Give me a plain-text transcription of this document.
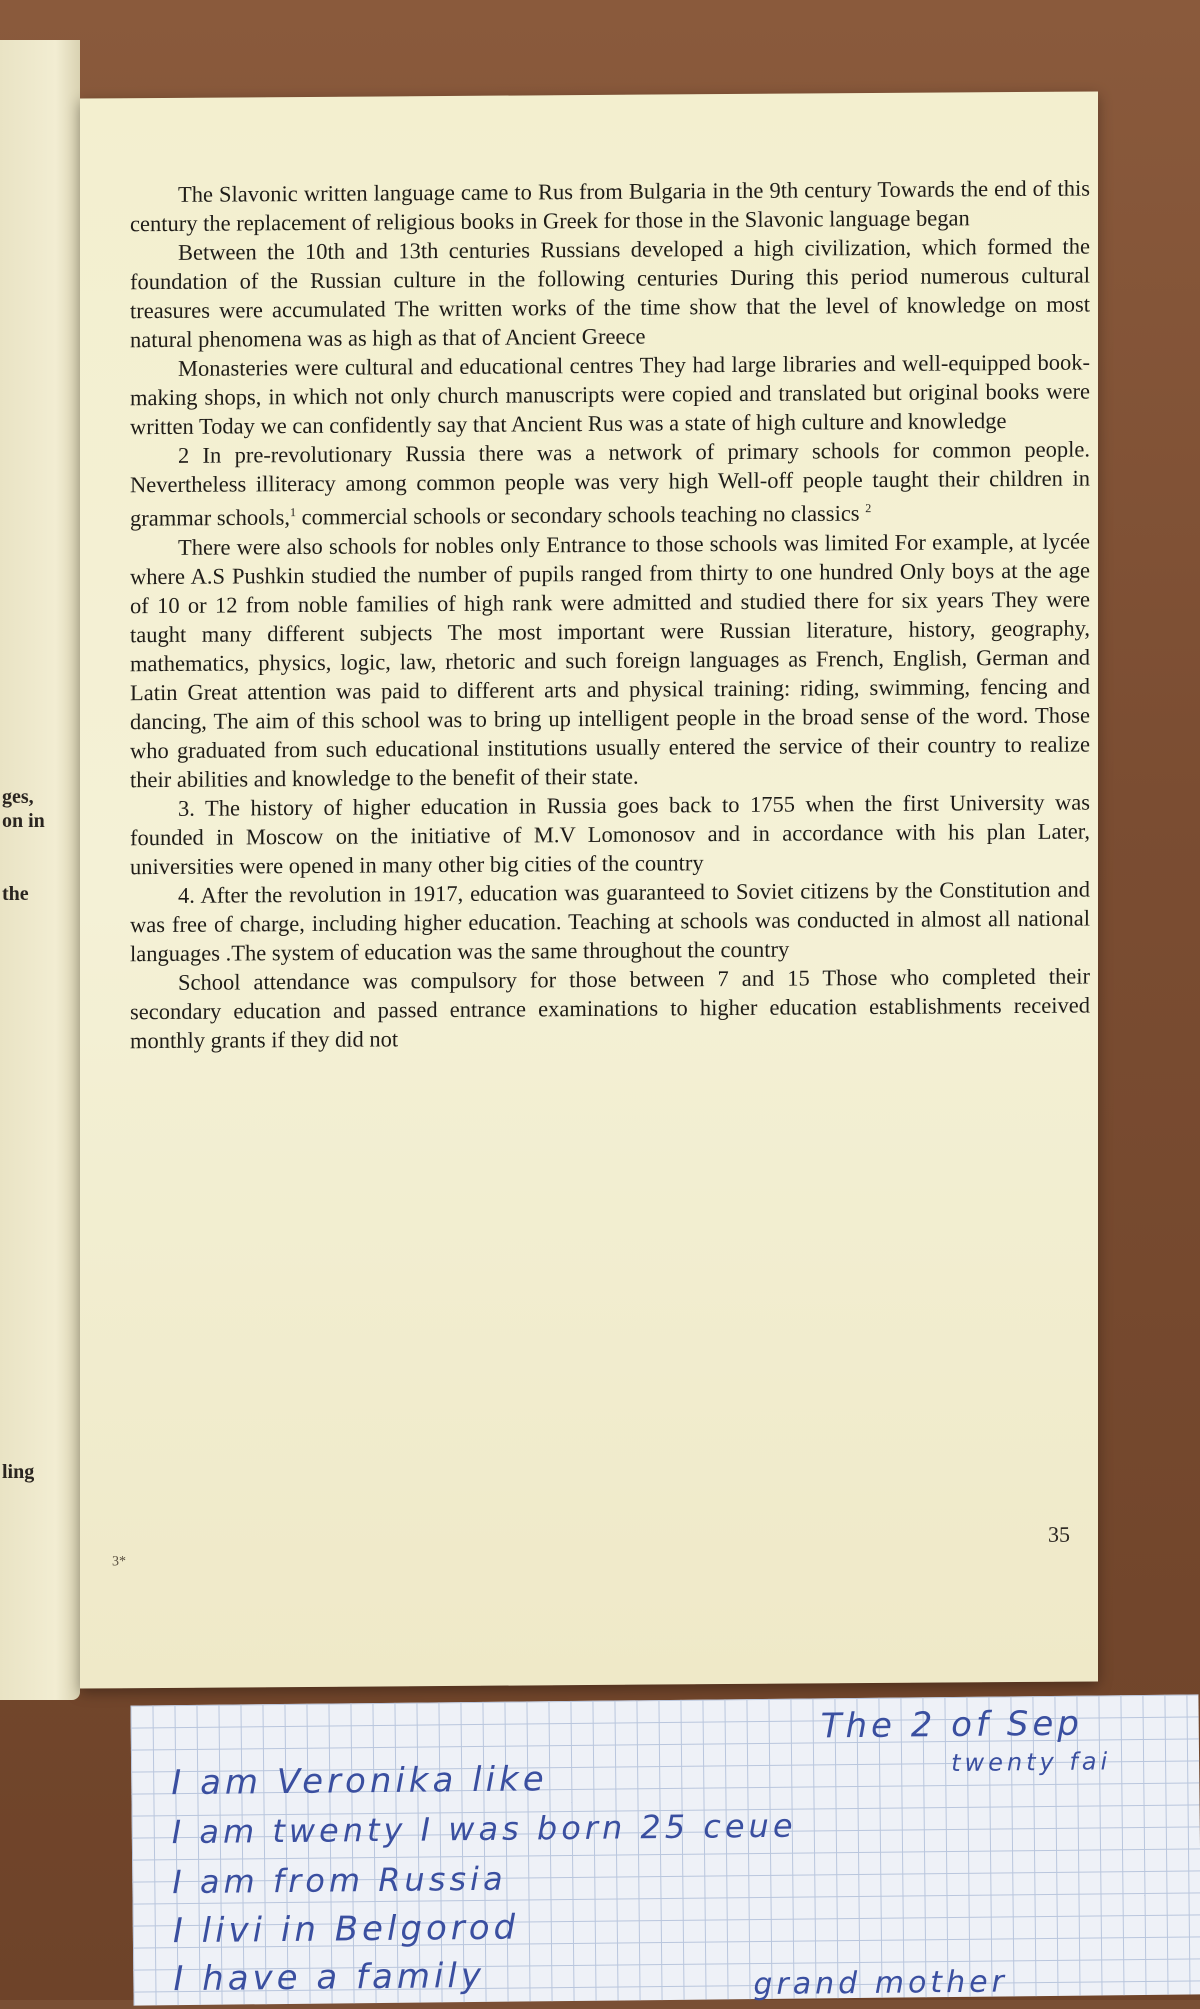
ges,
on in
the
ling

The Slavonic written language came to Rus from Bulgaria in the 9th century Towards the end of this century the replacement of religious books in Greek for those in the Slavonic language began

Between the 10th and 13th centuries Russians developed a high civilization, which formed the foundation of the Russian culture in the following centuries During this period numerous cultural treasures were accumulated The written works of the time show that the level of knowledge on most natural phenomena was as high as that of Ancient Greece

Monasteries were cultural and educational centres They had large libraries and well-equipped book-making shops, in which not only church manuscripts were copied and translated but original books were written Today we can confidently say that Ancient Rus was a state of high culture and knowledge

2 In pre-revolutionary Russia there was a network of primary schools for common people. Nevertheless illiteracy among common people was very high Well-off people taught their children in grammar schools,$^1$ commercial schools or secondary schools teaching no classics $^2$

There were also schools for nobles only Entrance to those schools was limited For example, at lycée where A.S Pushkin studied the number of pupils ranged from thirty to one hundred Only boys at the age of 10 or 12 from noble families of high rank were admitted and studied there for six years They were taught many different subjects The most important were Russian literature, history, geography, mathematics, physics, logic, law, rhetoric and such foreign languages as French, English, German and Latin Great attention was paid to different arts and physical training: riding, swimming, fencing and dancing, The aim of this school was to bring up intelligent people in the broad sense of the word. Those who graduated from such educational institutions usually entered the service of their country to realize their abilities and knowledge to the benefit of their state.

3. The history of higher education in Russia goes back to 1755 when the first University was founded in Moscow on the initiative of M.V Lomonosov and in accordance with his plan Later, universities were opened in many other big cities of the country

4. After the revolution in 1917, education was guaranteed to Soviet citizens by the Constitution and was free of charge, including higher education. Teaching at schools was conducted in almost all national languages .The system of education was the same throughout the country

School attendance was compulsory for those between 7 and 15 Those who completed their secondary education and passed entrance examinations to higher education establishments received monthly grants if they did not

35
3*
The 2 of Sep
twenty fai
I am Veronika like
I am twenty I was born 25 ceue
I am from Russia
I livi in Belgorod
I have a family	grand mother
